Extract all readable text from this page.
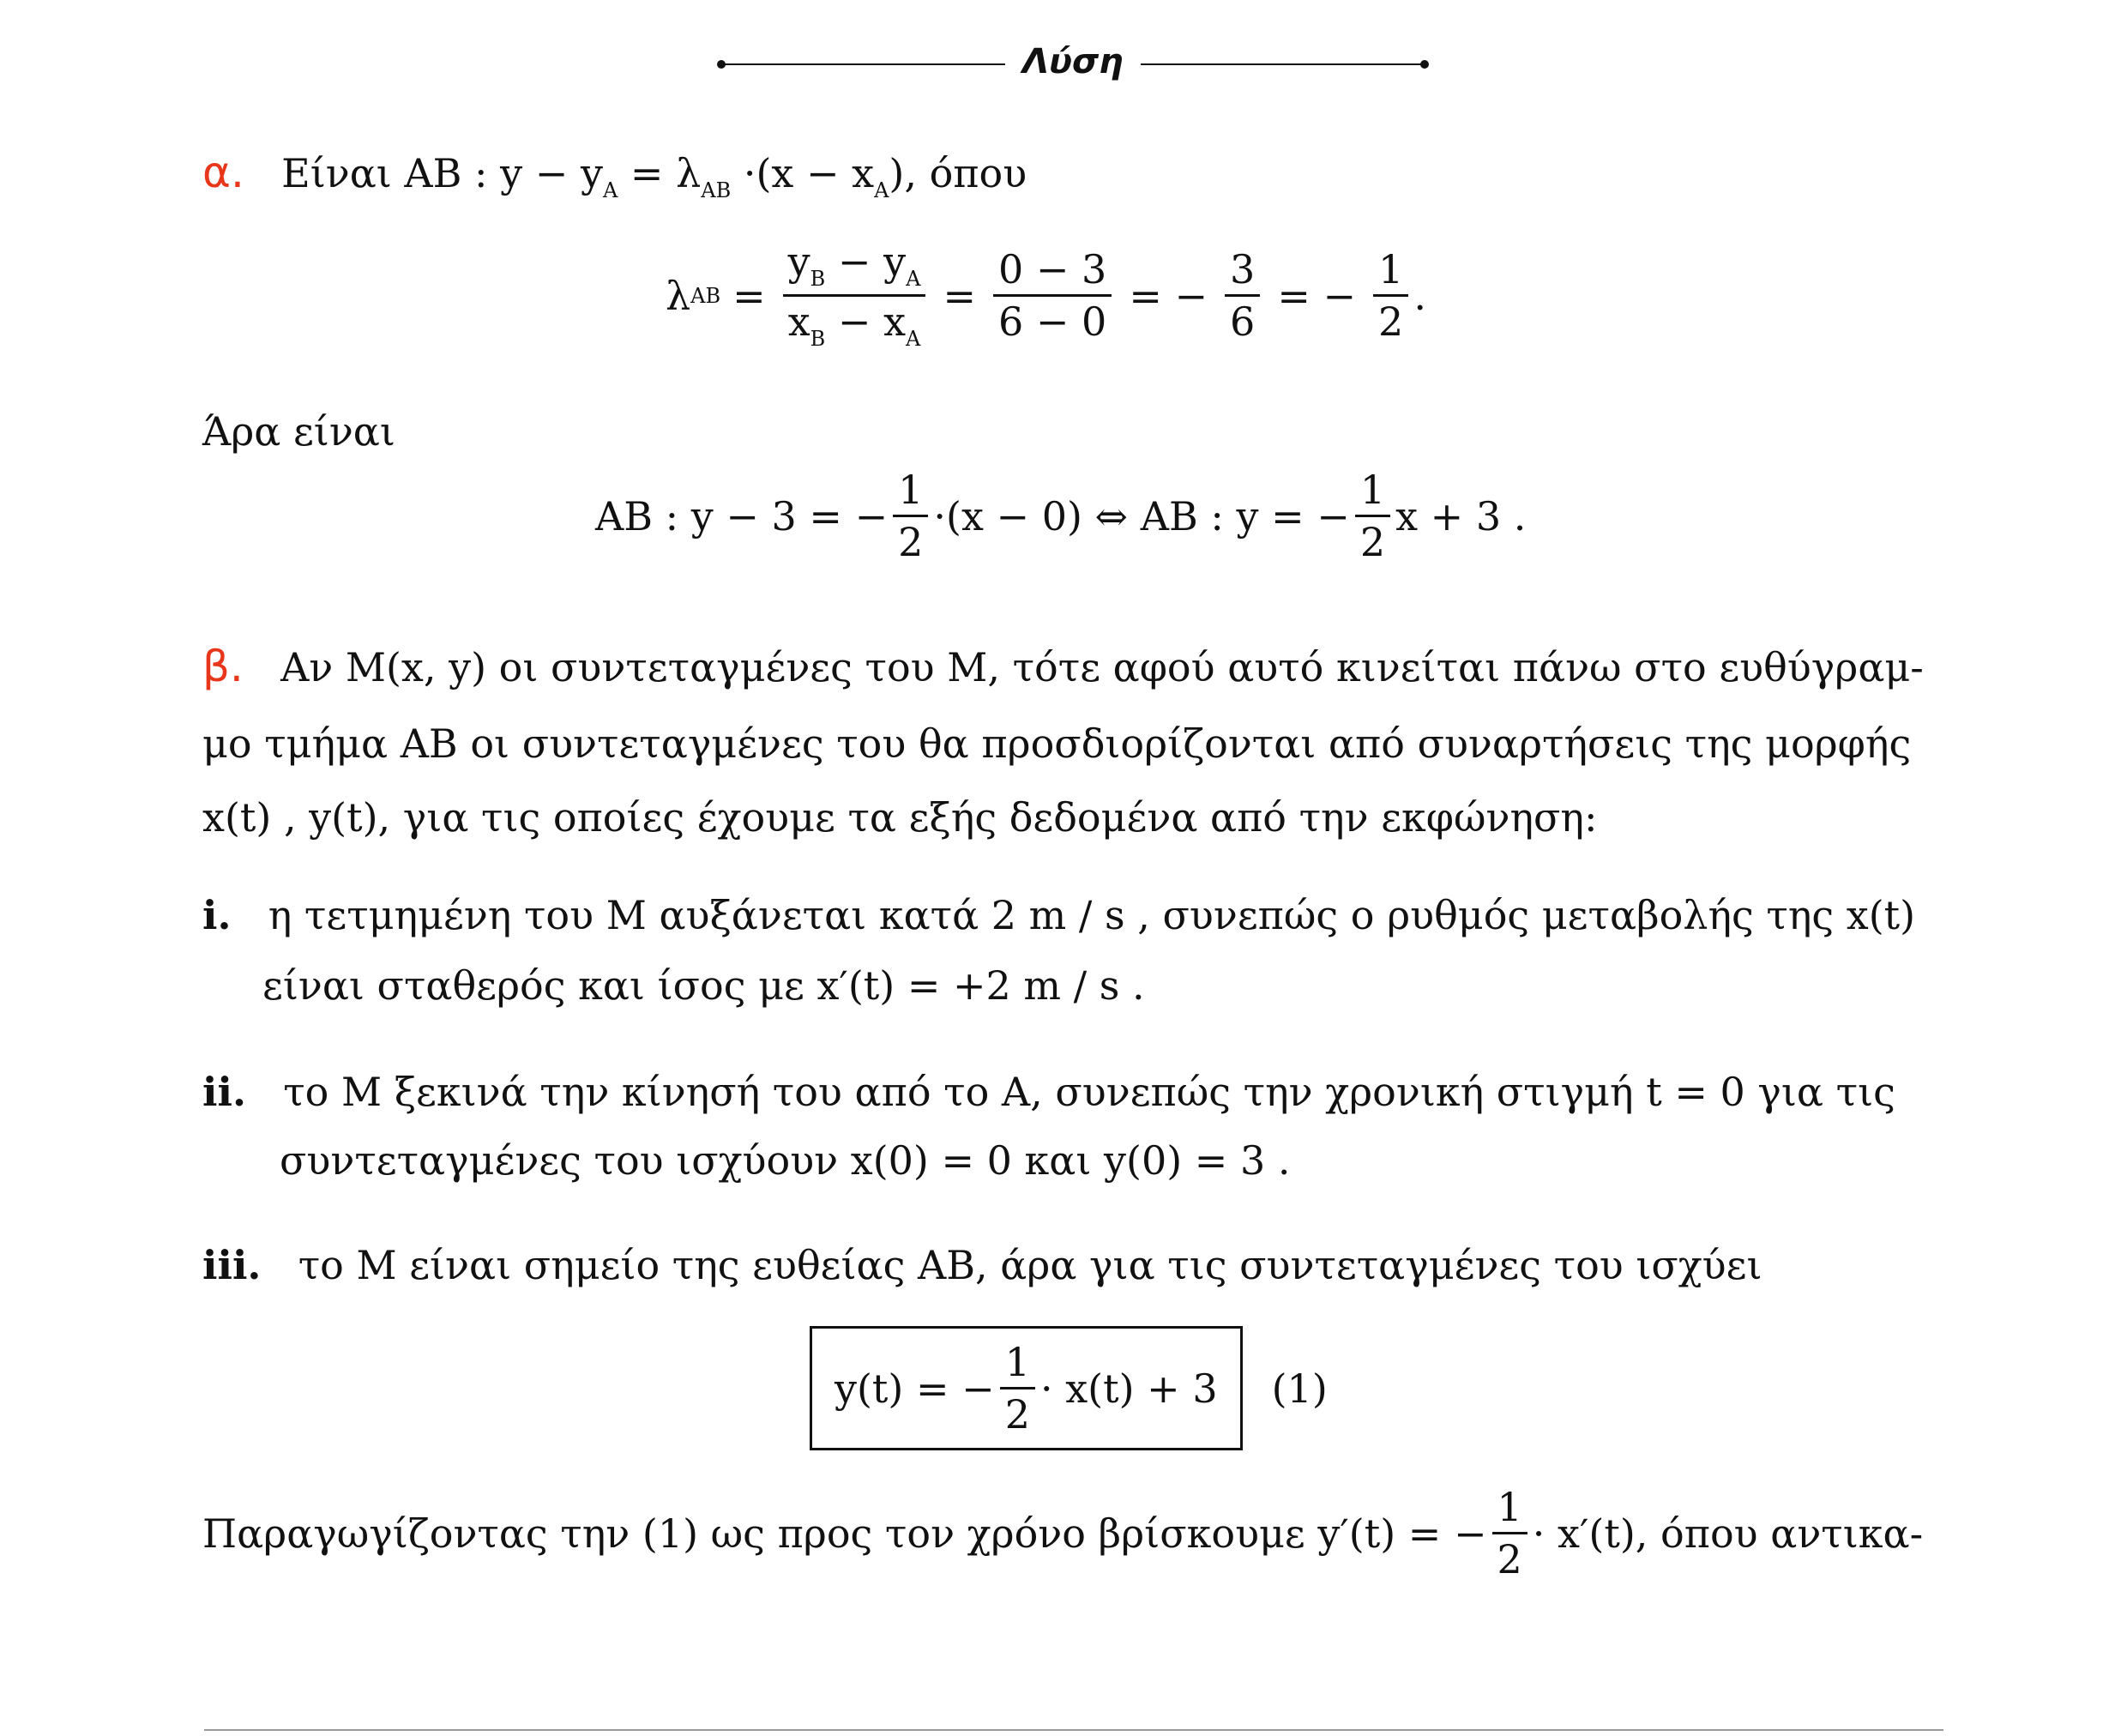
Λύση
α. Είναι AB : $y - y_A = \lambda_{AB} \cdot(x - x_A)$, όπου
λ AB = $\frac{y_B - y_A}{x_B - x_A} = \frac{0 - 3}{6 - 0}$ = − $\frac{3}{6}$ = − $\frac{1}{2}$ .
Άρα είναι
AB : y − 3 = − $\frac{1}{2} \cdot(x - 0)$ ⇔ AB : y = − $\frac{1}{2}$ x + 3 .
β. Αν M(x, y) οι συντεταγμένες του M, τότε αφού αυτό κινείται πάνω στο ευθύγραμ-
μο τμήμα AB οι συντεταγμένες του θα προσδιορίζονται από συναρτήσεις της μορφής
x(t) , y(t), για τις οποίες έχουμε τα εξής δεδομένα από την εκφώνηση:
i. η τετμημένη του M αυξάνεται κατά 2 m / s , συνεπώς ο ρυθμός μεταβολής της x(t)
είναι σταθερός και ίσος με x′(t) = +2 m / s .
ii. το M ξεκινά την κίνησή του από το A, συνεπώς την χρονική στιγμή t = 0 για τις
συντεταγμένες του ισχύουν x(0) = 0 και y(0) = 3 .
iii. το M είναι σημείο της ευθείας AB, άρα για τις συντεταγμένες του ισχύει
y(t) = − $\frac{1}{2} \cdot x(t) + 3$ (1)
Παραγωγίζοντας την (1) ως προς τον χρόνο βρίσκουμε y′(t) = − $\frac{1}{2} \cdot x'(t)$, όπου αντικα-
